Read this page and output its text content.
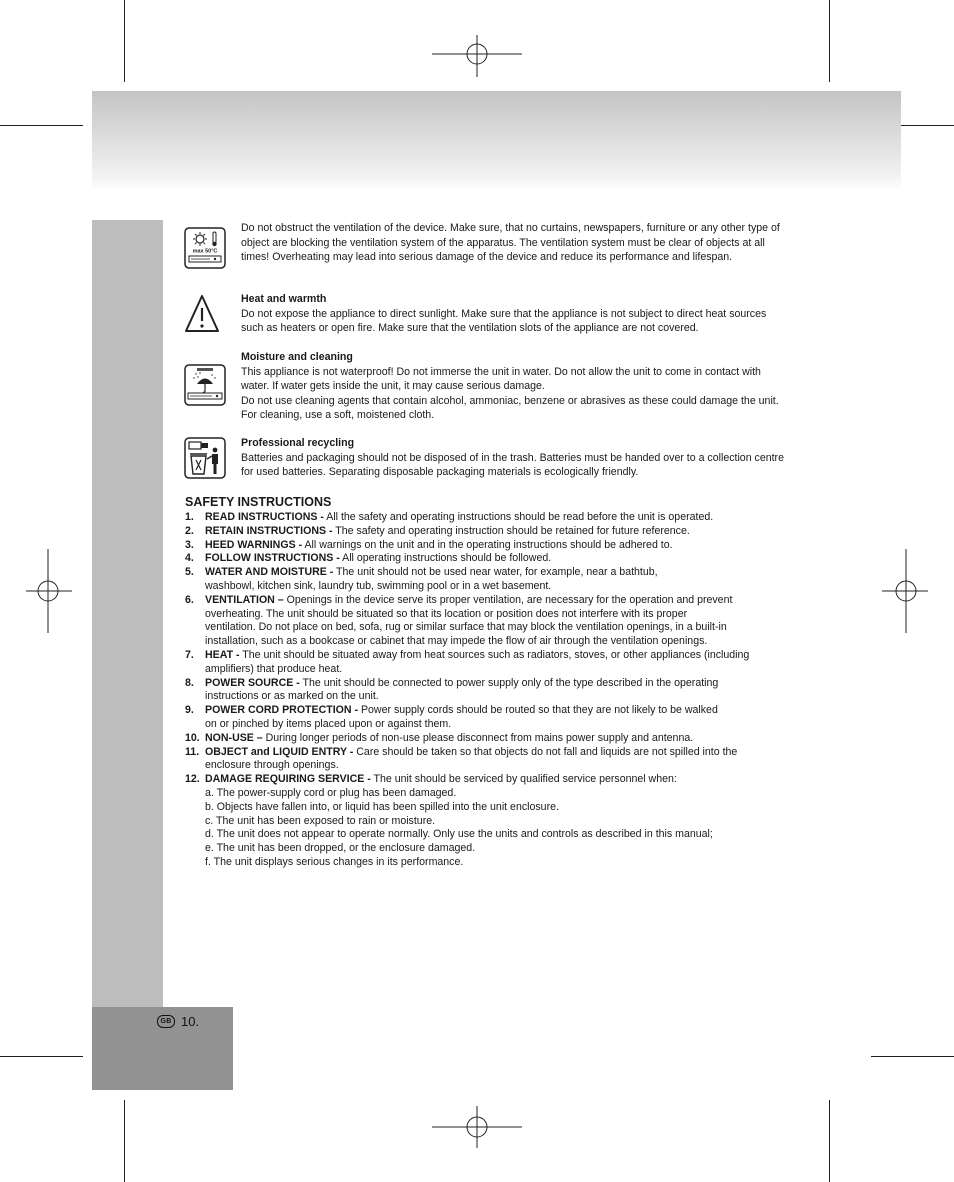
max 50°C

Do not obstruct the ventilation of the device. Make sure, that no curtains, newspapers, furniture or any other type of object are blocking the ventilation system of the apparatus. The ventilation system must be clear of objects at all times! Overheating may lead into serious damage of the device and reduce its performance and lifespan.

Heat and warmth

Do not expose the appliance to direct sunlight. Make sure that the appliance is not subject to direct heat sources such as heaters or open fire. Make sure that the ventilation slots of the appliance are not covered.

Moisture and cleaning

This appliance is not waterproof! Do not immerse the unit in water. Do not allow the unit to come in contact with water. If water gets inside the unit, it may cause serious damage.

Do not use cleaning agents that contain alcohol, ammoniac, benzene or abrasives as these could damage the unit. For cleaning, use a soft, moistened cloth.

Professional recycling

Batteries and packaging should not be disposed of in the trash. Batteries must be handed over to a collection centre for used batteries. Separating disposable packaging materials is ecologically friendly.

SAFETY INSTRUCTIONS
1. READ INSTRUCTIONS - All the safety and operating instructions should be read before the unit is operated.
2. RETAIN INSTRUCTIONS - The safety and operating instruction should be retained for future reference.
3. HEED WARNINGS - All warnings on the unit and in the operating instructions should be adhered to.
4. FOLLOW INSTRUCTIONS - All operating instructions should be followed.
5. WATER AND MOISTURE - The unit should not be used near water, for example, near a bathtub, washbowl, kitchen sink, laundry tub, swimming pool or in a wet basement.
6. VENTILATION – Openings in the device serve its proper ventilation, are necessary for the operation and prevent overheating. The unit should be situated so that its location or position does not interfere with its proper ventilation. Do not place on bed, sofa, rug or similar surface that may block the ventilation openings, in a built-in installation, such as a bookcase or cabinet that may impede the flow of air through the ventilation openings.
7. HEAT - The unit should be situated away from heat sources such as radiators, stoves, or other appliances (including amplifiers) that produce heat.
8. POWER SOURCE - The unit should be connected to power supply only of the type described in the operating instructions or as marked on the unit.
9. POWER CORD PROTECTION - Power supply cords should be routed so that they are not likely to be walked on or pinched by items placed upon or against them.
10. NON-USE – During longer periods of non-use please disconnect from mains power supply and antenna.
11. OBJECT and LIQUID ENTRY - Care should be taken so that objects do not fall and liquids are not spilled into the enclosure through openings.
12. DAMAGE REQUIRING SERVICE - The unit should be serviced by qualified service personnel when:
a. The power-supply cord or plug has been damaged.
b. Objects have fallen into, or liquid has been spilled into the unit enclosure.
c. The unit has been exposed to rain or moisture.
d. The unit does not appear to operate normally. Only use the units and controls as described in this manual;
e. The unit has been dropped, or the enclosure damaged.
f. The unit displays serious changes in its performance.
GB 10.
